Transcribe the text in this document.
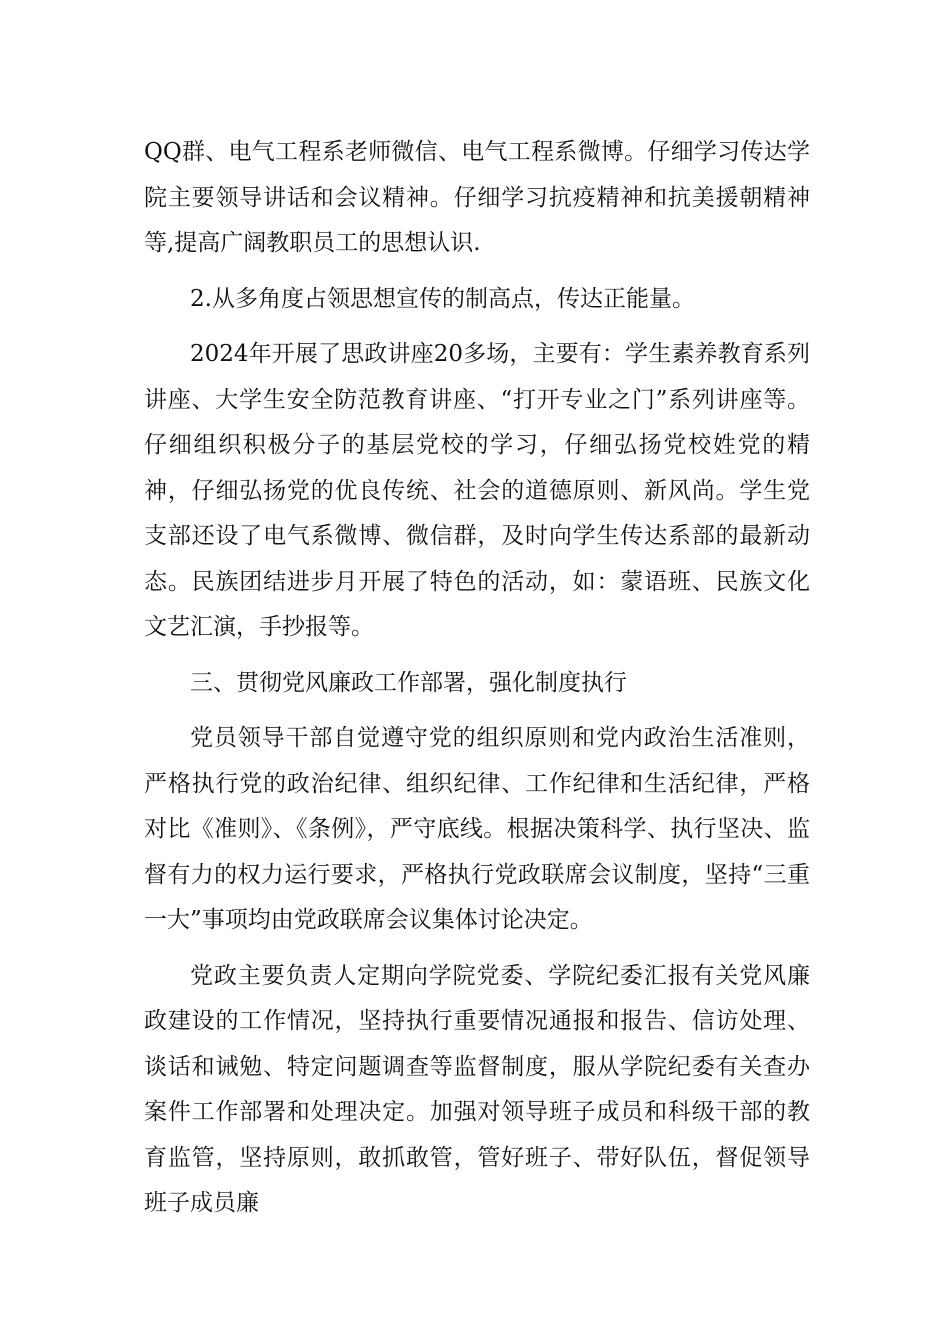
QQ群、电气工程系老师微信、电气工程系微博。仔细学习传达学院主要领导讲话和会议精神。仔细学习抗疫精神和抗美援朝精神等,提高广阔教职员工的思想认识.

2.从多角度占领思想宣传的制高点，传达正能量。

2024年开展了思政讲座20多场，主要有：学生素养教育系列讲座、大学生安全防范教育讲座、“打开专业之门”系列讲座等。仔细组织积极分子的基层党校的学习，仔细弘扬党校姓党的精神，仔细弘扬党的优良传统、社会的道德原则、新风尚。学生党支部还设了电气系微博、微信群，及时向学生传达系部的最新动态。民族团结进步月开展了特色的活动，如：蒙语班、民族文化文艺汇演，手抄报等。

三、贯彻党风廉政工作部署，强化制度执行

党员领导干部自觉遵守党的组织原则和党内政治生活准则，严格执行党的政治纪律、组织纪律、工作纪律和生活纪律，严格对比《准则》、《条例》，严守底线。根据决策科学、执行坚决、监督有力的权力运行要求，严格执行党政联席会议制度，坚持“三重一大”事项均由党政联席会议集体讨论决定。

党政主要负责人定期向学院党委、学院纪委汇报有关党风廉政建设的工作情况，坚持执行重要情况通报和报告、信访处理、谈话和诫勉、特定问题调查等监督制度，服从学院纪委有关查办案件工作部署和处理决定。加强对领导班子成员和科级干部的教育监管，坚持原则，敢抓敢管，管好班子、带好队伍，督促领导班子成员廉
